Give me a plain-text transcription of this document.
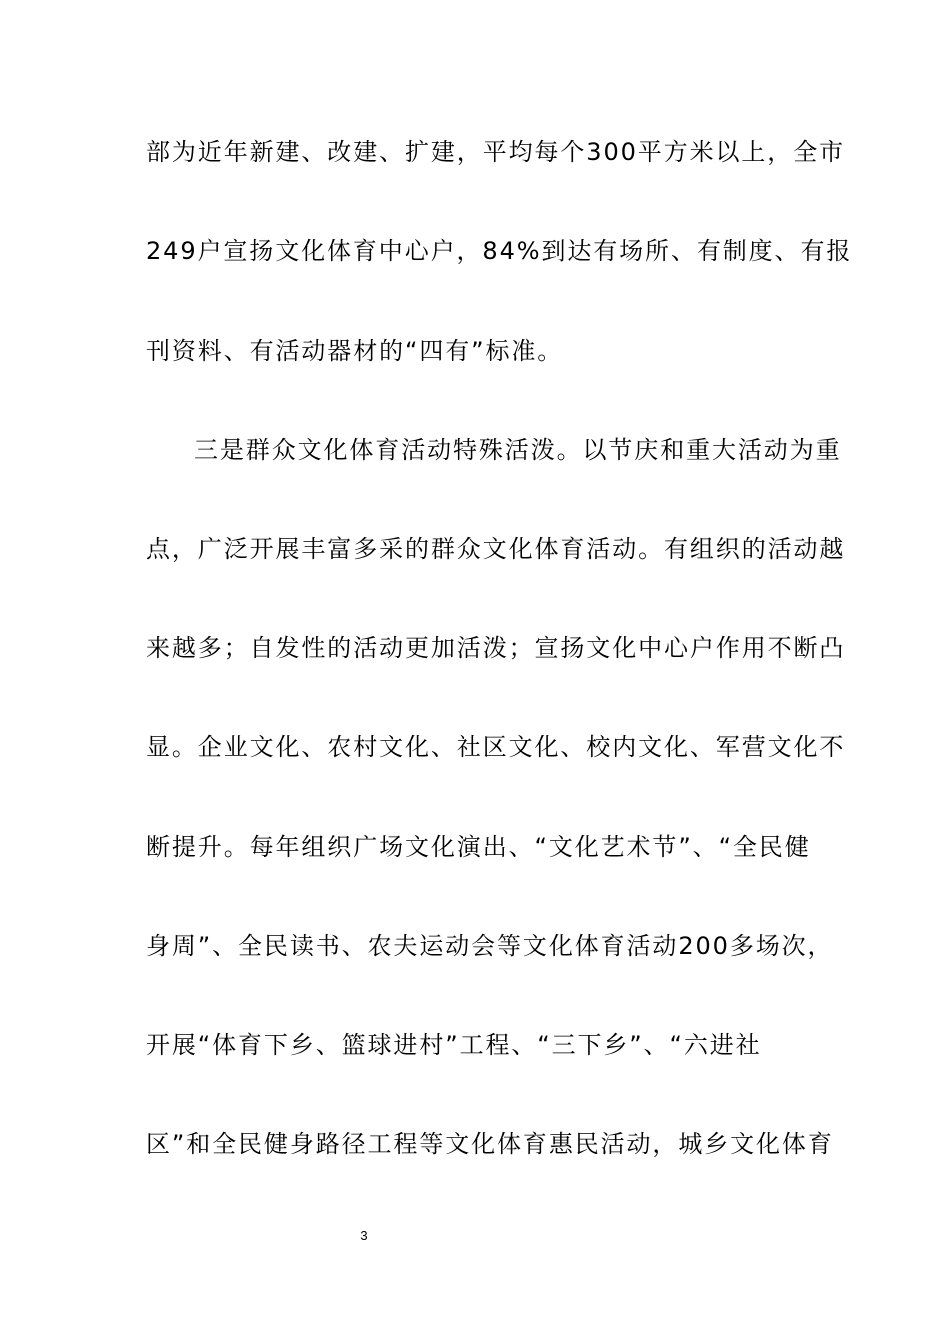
部为近年新建、改建、扩建，平均每个300平方米以上，全市
249户宣扬文化体育中心户，84%到达有场所、有制度、有报
刊资料、有活动器材的“四有”标准。
三是群众文化体育活动特殊活泼。以节庆和重大活动为重
点，广泛开展丰富多采的群众文化体育活动。有组织的活动越
来越多；自发性的活动更加活泼；宣扬文化中心户作用不断凸
显。企业文化、农村文化、社区文化、校内文化、军营文化不
断提升。每年组织广场文化演出、“文化艺术节”、“全民健
身周”、全民读书、农夫运动会等文化体育活动200多场次，
开展“体育下乡、篮球进村”工程、“三下乡”、“六进社
区”和全民健身路径工程等文化体育惠民活动，城乡文化体育
3
